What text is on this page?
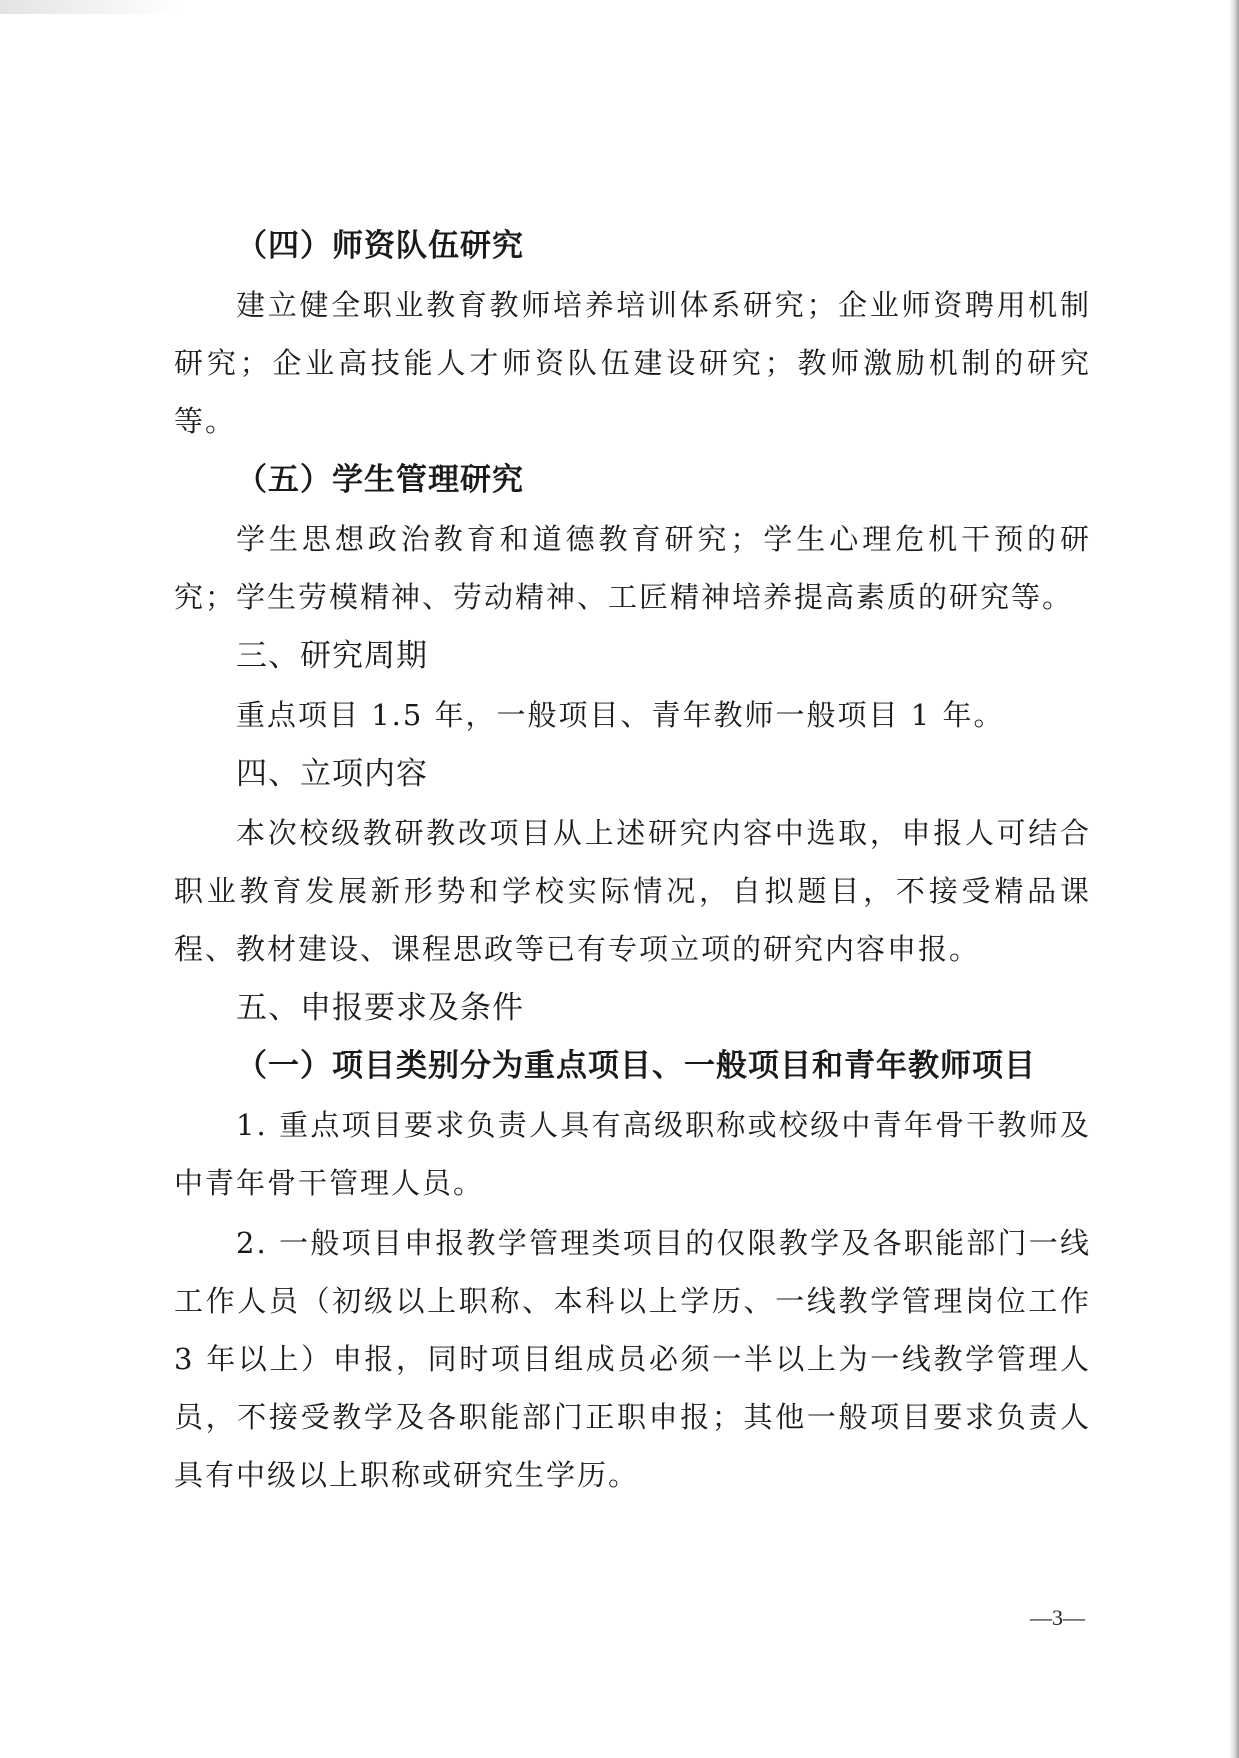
（四）师资队伍研究

建立健全职业教育教师培养培训体系研究；企业师资聘用机制研究；企业高技能人才师资队伍建设研究；教师激励机制的研究等。

（五）学生管理研究

学生思想政治教育和道德教育研究；学生心理危机干预的研究；学生劳模精神、劳动精神、工匠精神培养提高素质的研究等。

三、研究周期

重点项目 1.5 年，一般项目、青年教师一般项目 1 年。

四、立项内容

本次校级教研教改项目从上述研究内容中选取，申报人可结合职业教育发展新形势和学校实际情况，自拟题目，不接受精品课程、教材建设、课程思政等已有专项立项的研究内容申报。

五、申报要求及条件
（一）项目类别分为重点项目、一般项目和青年教师项目

1. 重点项目要求负责人具有高级职称或校级中青年骨干教师及中青年骨干管理人员。

2. 一般项目申报教学管理类项目的仅限教学及各职能部门一线工作人员（初级以上职称、本科以上学历、一线教学管理岗位工作 3 年以上）申报，同时项目组成员必须一半以上为一线教学管理人员，不接受教学及各职能部门正职申报；其他一般项目要求负责人具有中级以上职称或研究生学历。

—3—
